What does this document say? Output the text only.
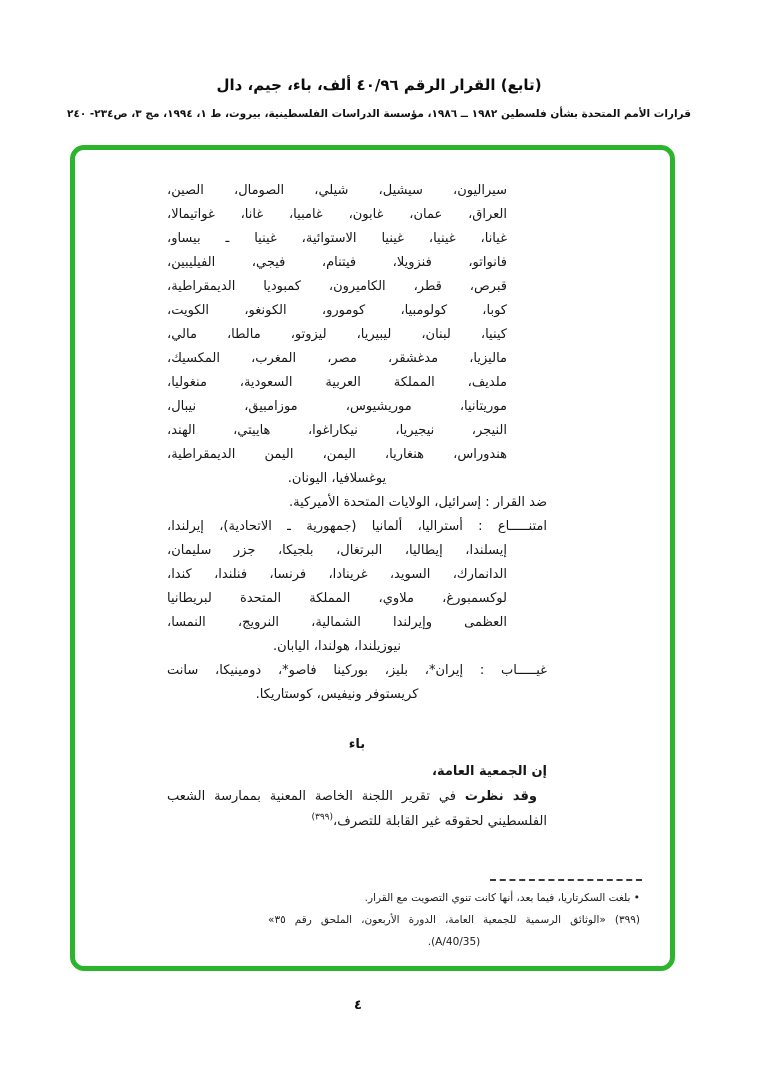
(تابع) القرار الرقم ٤٠/٩٦ ألف، باء، جيم، دال
قرارات الأمم المتحدة بشأن فلسطين ١٩٨٢ ــ ١٩٨٦، مؤسسة الدراسات الفلسطينية، بيروت، ط ١، ١٩٩٤، مج ٣، ص٢٣٤- ٢٤٠
سيراليون، سيشيل، شيلي، الصومال، الصين،
العراق، عمان، غابون، غامبيا، غانا، غواتيمالا،
غيانا، غينيا، غينيا الاستوائية، غينيا ـ بيساو،
فانواتو، فنزويلا، فيتنام، فيجي، الفيليبين،
قبرص، قطر، الكاميرون، كمبوديا الديمقراطية،
كوبا، كولومبيا، كومورو، الكونغو، الكويت،
كينيا، لبنان، ليبيريا، ليزوتو، مالطا، مالي،
ماليزيا، مدغشقر، مصر، المغرب، المكسيك،
ملديف، المملكة العربية السعودية، منغوليا،
موريتانيا، موريشيوس، موزامبيق، نيبال،
النيجر، نيجيريا، نيكاراغوا، هاييتي، الهند،
هندوراس، هنغاريا، اليمن، اليمن الديمقراطية،
يوغسلافيا، اليونان.
ضد القرار : إسرائيل، الولايات المتحدة الأميركية.
امتنـــــاع : أستراليا، ألمانيا (جمهورية ـ الاتحادية)، إيرلندا،
إيسلندا، إيطاليا، البرتغال، بلجيكا، جزر سليمان،
الدانمارك، السويد، غرينادا، فرنسا، فنلندا، كندا،
لوكسمبورغ، ملاوي، المملكة المتحدة لبريطانيا
العظمى وإيرلندا الشمالية، النرويج، النمسا،
نيوزيلندا، هولندا، اليابان.
غيـــــاب : إيران*، بليز، بوركينا فاصو*، دومينيكا، سانت
كريستوفر ونيفيس، كوستاريكا.
باء
إن الجمعية العامة،
وقد نظرت في تقرير اللجنة الخاصة المعنية بممارسة الشعب
الفلسطيني لحقوقه غير القابلة للتصرف،$^{(٣٩٩)}$
• بلغت السكرتاريا، فيما بعد، أنها كانت تنوي التصويت مع القرار.
(٣٩٩) «الوثائق الرسمية للجمعية العامة، الدورة الأربعون، الملحق رقم ٣٥»
(A/40/35).
٤
